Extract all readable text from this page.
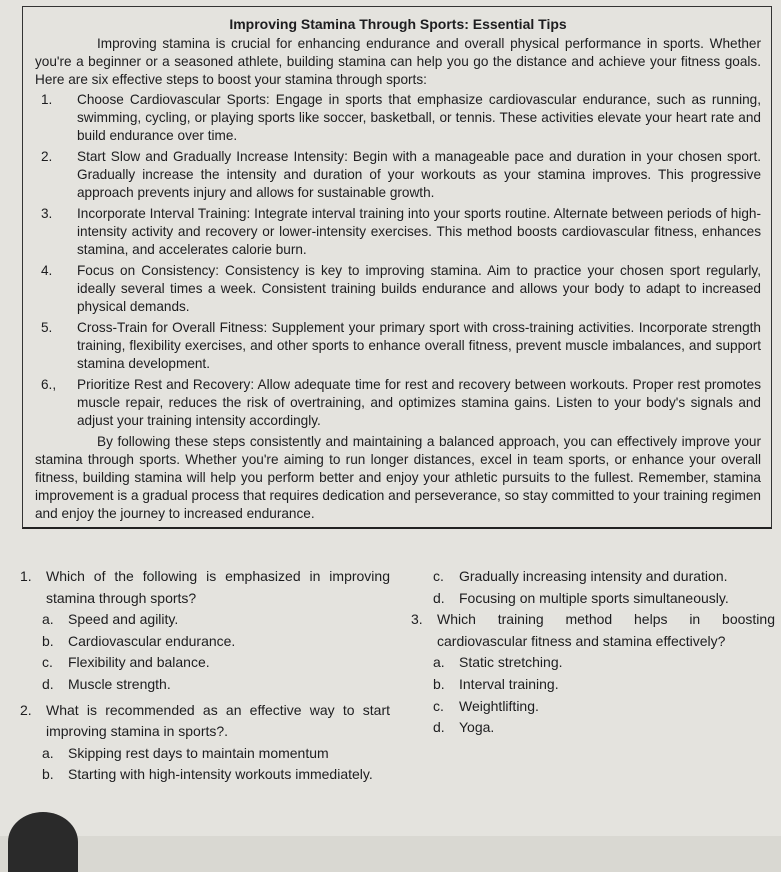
Improving Stamina Through Sports: Essential Tips

Improving stamina is crucial for enhancing endurance and overall physical performance in sports. Whether you're a beginner or a seasoned athlete, building stamina can help you go the distance and achieve your fitness goals. Here are six effective steps to boost your stamina through sports:

1.	Choose Cardiovascular Sports: Engage in sports that emphasize cardiovascular endurance, such as running, swimming, cycling, or playing sports like soccer, basketball, or tennis. These activities elevate your heart rate and build endurance over time.
2.	Start Slow and Gradually Increase Intensity: Begin with a manageable pace and duration in your chosen sport. Gradually increase the intensity and duration of your workouts as your stamina improves. This progressive approach prevents injury and allows for sustainable growth.
3.	Incorporate Interval Training: Integrate interval training into your sports routine. Alternate between periods of high-intensity activity and recovery or lower-intensity exercises. This method boosts cardiovascular fitness, enhances stamina, and accelerates calorie burn.
4.	Focus on Consistency: Consistency is key to improving stamina. Aim to practice your chosen sport regularly, ideally several times a week. Consistent training builds endurance and allows your body to adapt to increased physical demands.
5.	Cross-Train for Overall Fitness: Supplement your primary sport with cross-training activities. Incorporate strength training, flexibility exercises, and other sports to enhance overall fitness, prevent muscle imbalances, and support stamina development.
6.,	Prioritize Rest and Recovery: Allow adequate time for rest and recovery between workouts. Proper rest promotes muscle repair, reduces the risk of overtraining, and optimizes stamina gains. Listen to your body's signals and adjust your training intensity accordingly.

By following these steps consistently and maintaining a balanced approach, you can effectively improve your stamina through sports. Whether you're aiming to run longer distances, excel in team sports, or enhance your overall fitness, building stamina will help you perform better and enjoy your athletic pursuits to the fullest. Remember, stamina improvement is a gradual process that requires dedication and perseverance, so stay committed to your training regimen and enjoy the journey to increased endurance.

1.	Which of the following is emphasized in improving stamina through sports?
a.	Speed and agility.
b.	Cardiovascular endurance.
c.	Flexibility and balance.
d.	Muscle strength.
2.	What is recommended as an effective way to start improving stamina in sports?.
a.	Skipping rest days to maintain momentum
b.	Starting with high-intensity workouts immediately.
c.	Gradually increasing intensity and duration.
d.	Focusing on multiple sports simultaneously.
3.	Which training method helps in boosting cardiovascular fitness and stamina effectively?
a.	Static stretching.
b.	Interval training.
c.	Weightlifting.
d.	Yoga.
